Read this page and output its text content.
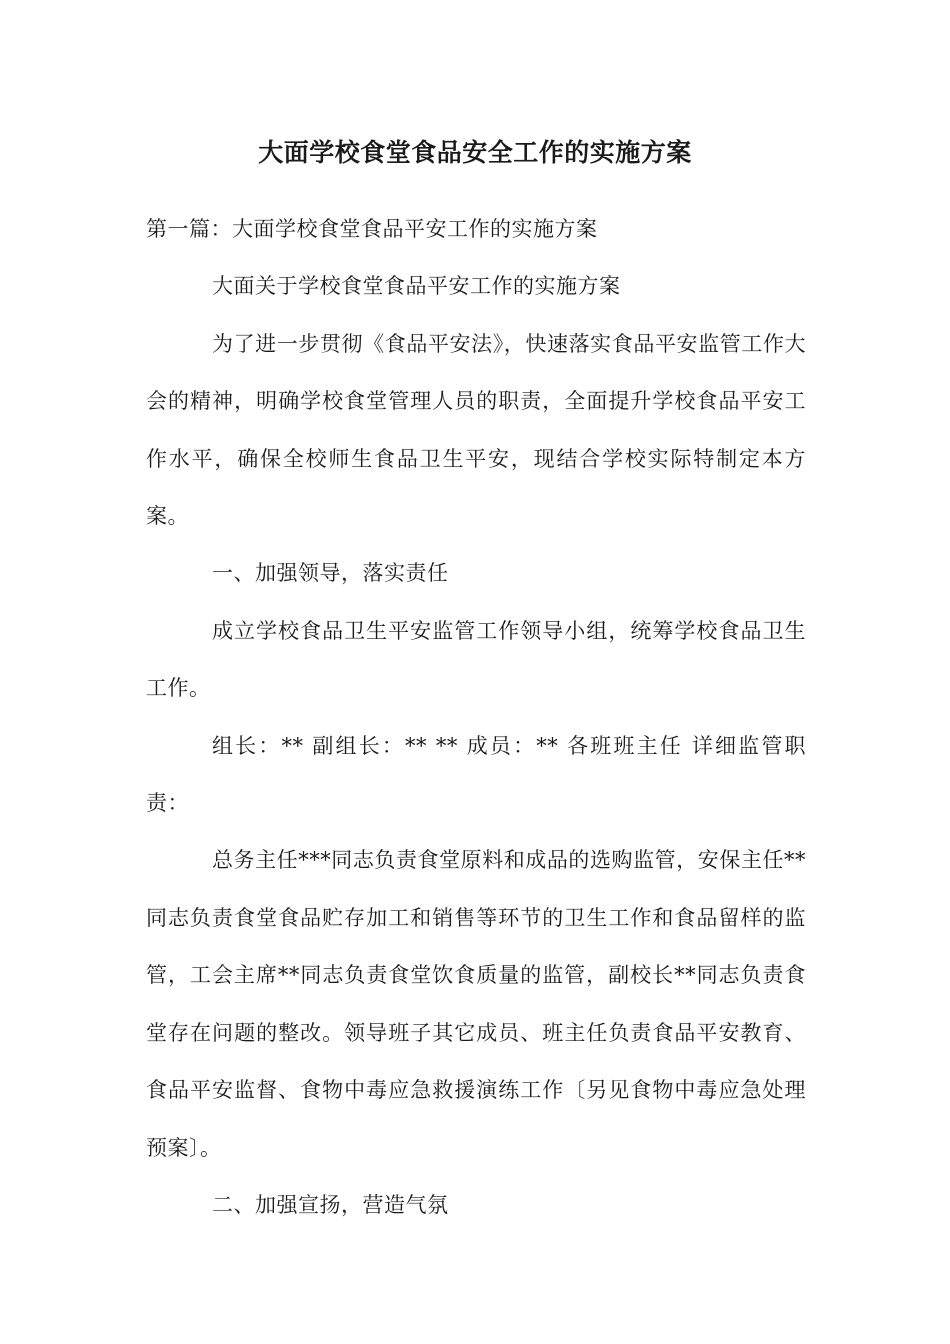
大面学校食堂食品安全工作的实施方案

第一篇：大面学校食堂食品平安工作的实施方案

大面关于学校食堂食品平安工作的实施方案

为了进一步贯彻《食品平安法》，快速落实食品平安监管工作大会的精神，明确学校食堂管理人员的职责，全面提升学校食品平安工作水平，确保全校师生食品卫生平安，现结合学校实际特制定本方案。

一、加强领导，落实责任

成立学校食品卫生平安监管工作领导小组，统筹学校食品卫生工作。

组长：** 副组长：** ** 成员：** 各班班主任 详细监管职责：

总务主任***同志负责食堂原料和成品的选购监管，安保主任**同志负责食堂食品贮存加工和销售等环节的卫生工作和食品留样的监管，工会主席**同志负责食堂饮食质量的监管，副校长**同志负责食堂存在问题的整改。领导班子其它成员、班主任负责食品平安教育、食品平安监督、食物中毒应急救援演练工作〔另见食物中毒应急处理预案〕。

二、加强宣扬，营造气氛
